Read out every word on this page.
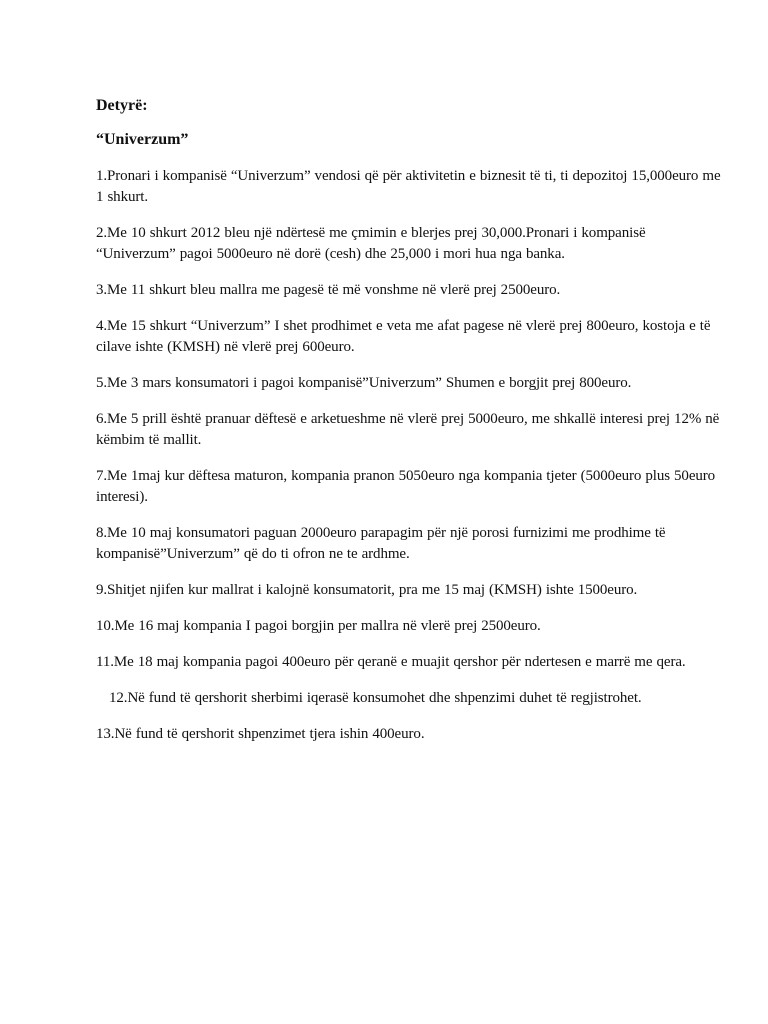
Detyrë:

“Univerzum”

1.Pronari i kompanisë “Univerzum” vendosi që për aktivitetin e biznesit të ti, ti depozitoj 15,000euro me 1 shkurt.
2.Me 10 shkurt 2012 bleu një ndërtesë me çmimin e blerjes prej 30,000.Pronari i kompanisë “Univerzum” pagoi 5000euro në dorë (cesh) dhe 25,000 i mori hua nga banka.
3.Me 11 shkurt bleu mallra me pagesë të më vonshme në vlerë prej 2500euro.
4.Me 15 shkurt “Univerzum” I shet prodhimet e veta me afat pagese në vlerë prej 800euro, kostoja e të cilave ishte (KMSH) në vlerë prej 600euro.
5.Me 3 mars konsumatori i pagoi kompanisë”Univerzum” Shumen e borgjit prej 800euro.
6.Me 5 prill është pranuar dëftesë e arketueshme në vlerë prej 5000euro, me shkallë interesi prej 12% në këmbim të mallit.
7.Me 1maj kur dëftesa maturon, kompania pranon 5050euro nga kompania tjeter (5000euro plus 50euro interesi).
8.Me 10 maj konsumatori paguan 2000euro parapagim për një porosi furnizimi me prodhime të kompanisë”Univerzum” që do ti ofron ne te ardhme.
9.Shitjet njifen kur mallrat i kalojnë konsumatorit, pra me 15 maj (KMSH) ishte 1500euro.
10.Me 16 maj kompania I pagoi borgjin per mallra në vlerë prej 2500euro.
11.Me 18 maj kompania pagoi 400euro për qeranë e muajit qershor për ndertesen e marrë me qera.
12.Në fund të qershorit sherbimi iqerasë konsumohet dhe shpenzimi duhet të regjistrohet.
13.Në fund të qershorit shpenzimet tjera ishin 400euro.
